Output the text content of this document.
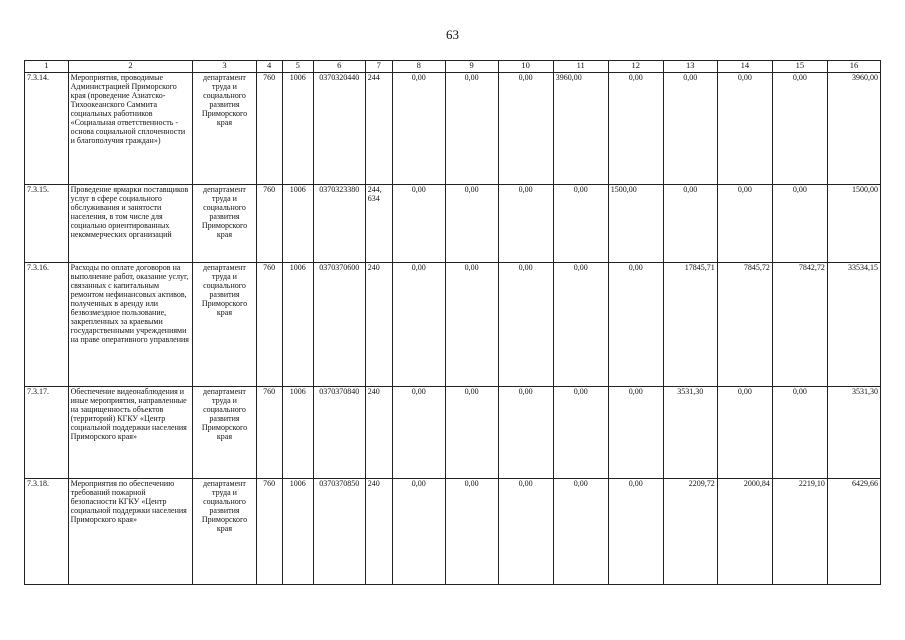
63
1	2	3	4	5	6	7	8	9	10	11	12	13	14	15	16
7.3.14.	Мероприятия, проводимые Администрацией Приморского края (проведение Азиатско-Тихоокеанского Саммита социальных работников «Социальная ответственность - основа социальной сплоченности и благополучия граждан»)	департамент труда и социального развития Приморского края	760	1006	0370320440	244	0,00	0,00	0,00	3960,00	0,00	0,00	0,00	0,00	3960,00
7.3.15.	Проведение ярмарки поставщиков услуг в сфере социального обслуживания и занятости населения, в том числе для социально ориентированных некоммерческих организаций	департамент труда и социального развития Приморского края	760	1006	0370323380	244, 634	0,00	0,00	0,00	0,00	1500,00	0,00	0,00	0,00	1500,00
7.3.16.	Расходы по оплате договоров на выполнение работ, оказание услуг, связанных с капитальным ремонтом нефинансовых активов, полученных в аренду или безвозмездное пользование, закрепленных за краевыми государственными учреждениями на праве оперативного управления	департамент труда и социального развития Приморского края	760	1006	0370370600	240	0,00	0,00	0,00	0,00	0,00	17845,71	7845,72	7842,72	33534,15
7.3.17.	Обеспечение видеонаблюдения и иные мероприятия, направленные на защищенность объектов (территорий) КГКУ «Центр социальной поддержки населения Приморского края»	департамент труда и социального развития Приморского края	760	1006	0370370840	240	0,00	0,00	0,00	0,00	0,00	3531,30	0,00	0,00	3531,30
7.3.18.	Мероприятия по обеспечению требований пожарной безопасности КГКУ «Центр социальной поддержки населения Приморского края»	департамент труда и социального развития Приморского края	760	1006	0370370850	240	0,00	0,00	0,00	0,00	0,00	2209,72	2000,84	2219,10	6429,66
